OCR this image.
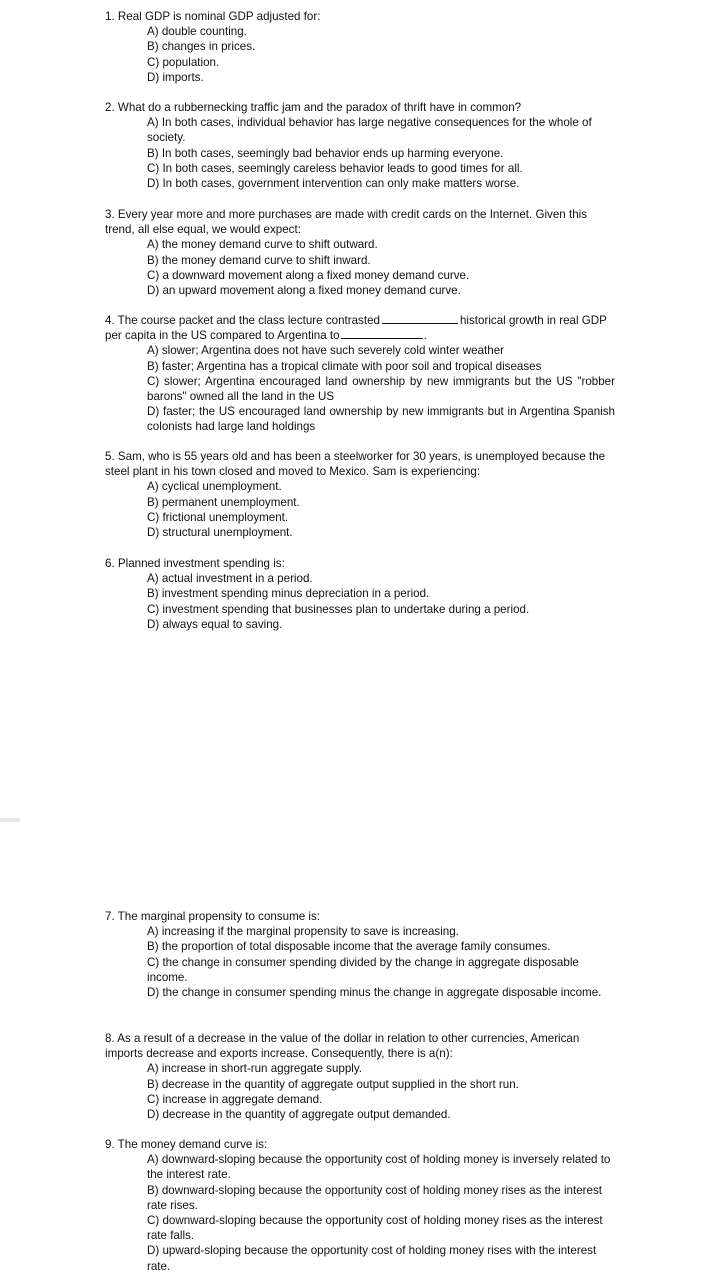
1. Real GDP is nominal GDP adjusted for:

A) double counting.
B) changes in prices.
C) population.
D) imports.

2. What do a rubbernecking traffic jam and the paradox of thrift have in common?

A) In both cases, individual behavior has large negative consequences for the whole of society.
B) In both cases, seemingly bad behavior ends up harming everyone.
C) In both cases, seemingly careless behavior leads to good times for all.
D) In both cases, government intervention can only make matters worse.

3. Every year more and more purchases are made with credit cards on the Internet. Given this trend, all else equal, we would expect:

A) the money demand curve to shift outward.
B) the money demand curve to shift inward.
C) a downward movement along a fixed money demand curve.
D) an upward movement along a fixed money demand curve.

4. The course packet and the class lecture contrasted	historical growth in real GDP per capita in the US compared to Argentina to	.

A) slower; Argentina does not have such severely cold winter weather
B) faster; Argentina has a tropical climate with poor soil and tropical diseases
C) slower; Argentina encouraged land ownership by new immigrants but the US "robber barons" owned all the land in the US
D) faster; the US encouraged land ownership by new immigrants but in Argentina Spanish colonists had large land holdings

5. Sam, who is 55 years old and has been a steelworker for 30 years, is unemployed because the steel plant in his town closed and moved to Mexico. Sam is experiencing:

A) cyclical unemployment.
B) permanent unemployment.
C) frictional unemployment.
D) structural unemployment.

6. Planned investment spending is:

A) actual investment in a period.
B) investment spending minus depreciation in a period.
C) investment spending that businesses plan to undertake during a period.
D) always equal to saving.

7. The marginal propensity to consume is:

A) increasing if the marginal propensity to save is increasing.
B) the proportion of total disposable income that the average family consumes.
C) the change in consumer spending divided by the change in aggregate disposable income.
D) the change in consumer spending minus the change in aggregate disposable income.

8. As a result of a decrease in the value of the dollar in relation to other currencies, American imports decrease and exports increase. Consequently, there is a(n):

A) increase in short-run aggregate supply.
B) decrease in the quantity of aggregate output supplied in the short run.
C) increase in aggregate demand.
D) decrease in the quantity of aggregate output demanded.

9. The money demand curve is:

A) downward-sloping because the opportunity cost of holding money is inversely related to the interest rate.
B) downward-sloping because the opportunity cost of holding money rises as the interest rate rises.
C) downward-sloping because the opportunity cost of holding money rises as the interest rate falls.
D) upward-sloping because the opportunity cost of holding money rises with the interest rate.
